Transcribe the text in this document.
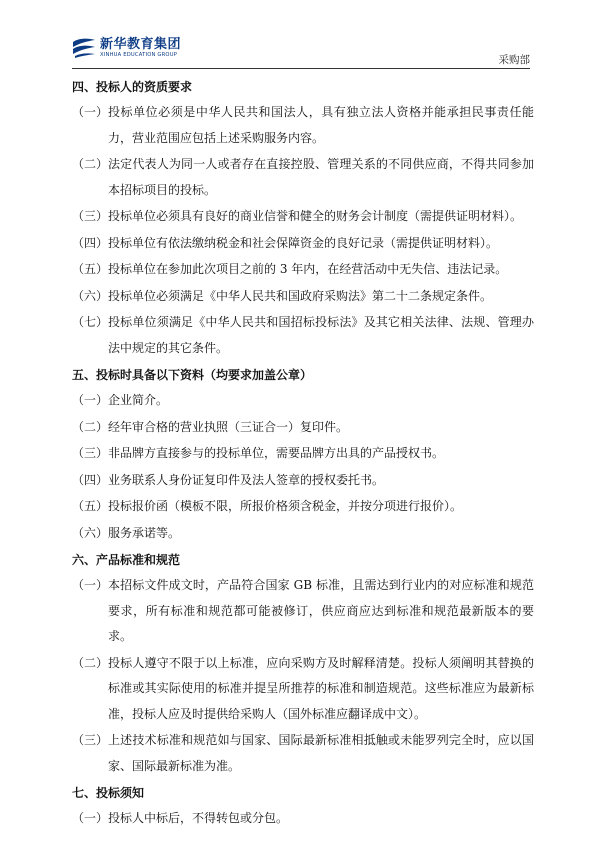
新华教育集团
XINHUA EDUCATION GROUP	采购部
四、投标人的资质要求
（一） 投标单位必须是中华人民共和国法人，具有独立法人资格并能承担民事责任能力，营业范围应包括上述采购服务内容。
（二） 法定代表人为同一人或者存在直接控股、管理关系的不同供应商，不得共同参加本招标项目的投标。
（三） 投标单位必须具有良好的商业信誉和健全的财务会计制度（需提供证明材料）。
（四） 投标单位有依法缴纳税金和社会保障资金的良好记录（需提供证明材料）。
（五） 投标单位在参加此次项目之前的 3 年内，在经营活动中无失信、违法记录。
（六） 投标单位必须满足《中华人民共和国政府采购法》第二十二条规定条件。
（七） 投标单位须满足《中华人民共和国招标投标法》及其它相关法律、法规、管理办法中规定的其它条件。
五、投标时具备以下资料（均要求加盖公章）
（一） 企业简介。
（二） 经年审合格的营业执照（三证合一）复印件。
（三） 非品牌方直接参与的投标单位，需要品牌方出具的产品授权书。
（四） 业务联系人身份证复印件及法人签章的授权委托书。
（五） 投标报价函（模板不限，所报价格须含税金，并按分项进行报价）。
（六） 服务承诺等。
六、产品标准和规范
（一） 本招标文件成文时，产品符合国家 GB 标准，且需达到行业内的对应标准和规范要求，所有标准和规范都可能被修订，供应商应达到标准和规范最新版本的要求。
（二） 投标人遵守不限于以上标准，应向采购方及时解释清楚。投标人须阐明其替换的标准或其实际使用的标准并提呈所推荐的标准和制造规范。这些标准应为最新标准，投标人应及时提供给采购人（国外标准应翻译成中文）。
（三） 上述技术标准和规范如与国家、国际最新标准相抵触或未能罗列完全时，应以国家、国际最新标准为准。
七、投标须知
（一） 投标人中标后，不得转包或分包。
